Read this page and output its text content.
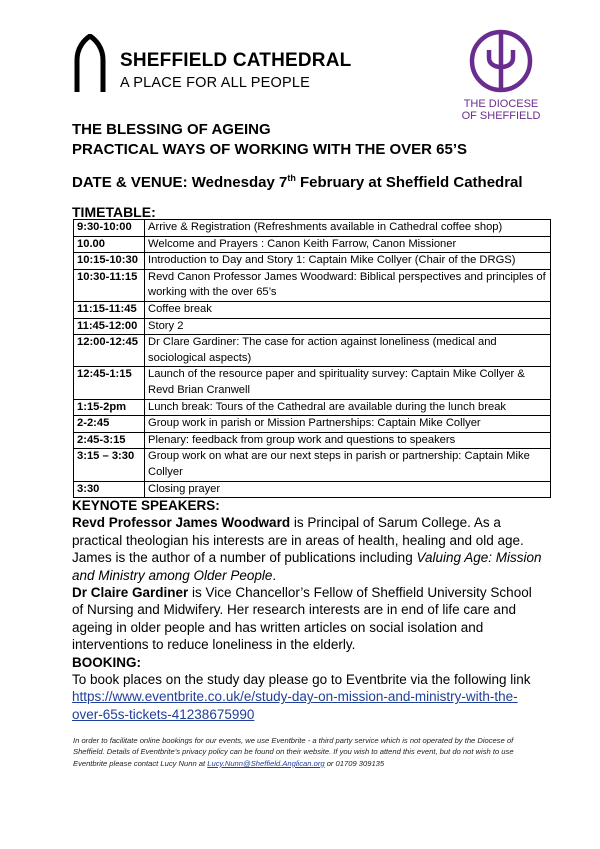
SHEFFIELD CATHEDRAL
A PLACE FOR ALL PEOPLE
THE DIOCESE
OF SHEFFIELD
THE BLESSING OF AGEING
PRACTICAL WAYS OF WORKING WITH THE OVER 65’S
DATE & VENUE: Wednesday 7th February at Sheffield Cathedral
TIMETABLE:
9:30-10:00	Arrive & Registration (Refreshments available in Cathedral coffee shop)
10.00	Welcome and Prayers : Canon Keith Farrow, Canon Missioner
10:15-10:30	Introduction to Day and Story 1: Captain Mike Collyer (Chair of the DRGS)
10:30-11:15	Revd Canon Professor James Woodward: Biblical perspectives and principles of working with the over 65’s
11:15-11:45	Coffee break
11:45-12:00	Story 2
12:00-12:45	Dr Clare Gardiner: The case for action against loneliness (medical and sociological aspects)
12:45-1:15	Launch of the resource paper and spirituality survey: Captain Mike Collyer & Revd Brian Cranwell
1:15-2pm	Lunch break: Tours of the Cathedral are available during the lunch break
2-2:45	Group work in parish or Mission Partnerships: Captain Mike Collyer
2:45-3:15	Plenary: feedback from group work and questions to speakers
3:15 – 3:30	Group work on what are our next steps in parish or partnership: Captain Mike Collyer
3:30	Closing prayer
KEYNOTE SPEAKERS:
Revd Professor James Woodward is Principal of Sarum College. As a practical theologian his interests are in areas of health, healing and old age. James is the author of a number of publications including Valuing Age: Mission and Ministry among Older People.
Dr Claire Gardiner is Vice Chancellor’s Fellow of Sheffield University School of Nursing and Midwifery. Her research interests are in end of life care and ageing in older people and has written articles on social isolation and interventions to reduce loneliness in the elderly.
BOOKING:
To book places on the study day please go to Eventbrite via the following link
https://www.eventbrite.co.uk/e/study-day-on-mission-and-ministry-with-the-over-65s-tickets-41238675990
In order to facilitate online bookings for our events, we use Eventbrite - a third party service which is not operated by the Diocese of Sheffield. Details of Eventbrite’s privacy policy can be found on their website. If you wish to attend this event, but do not wish to use Eventbrite please contact Lucy Nunn at Lucy.Nunn@Sheffield.Anglican.org or 01709 309135
